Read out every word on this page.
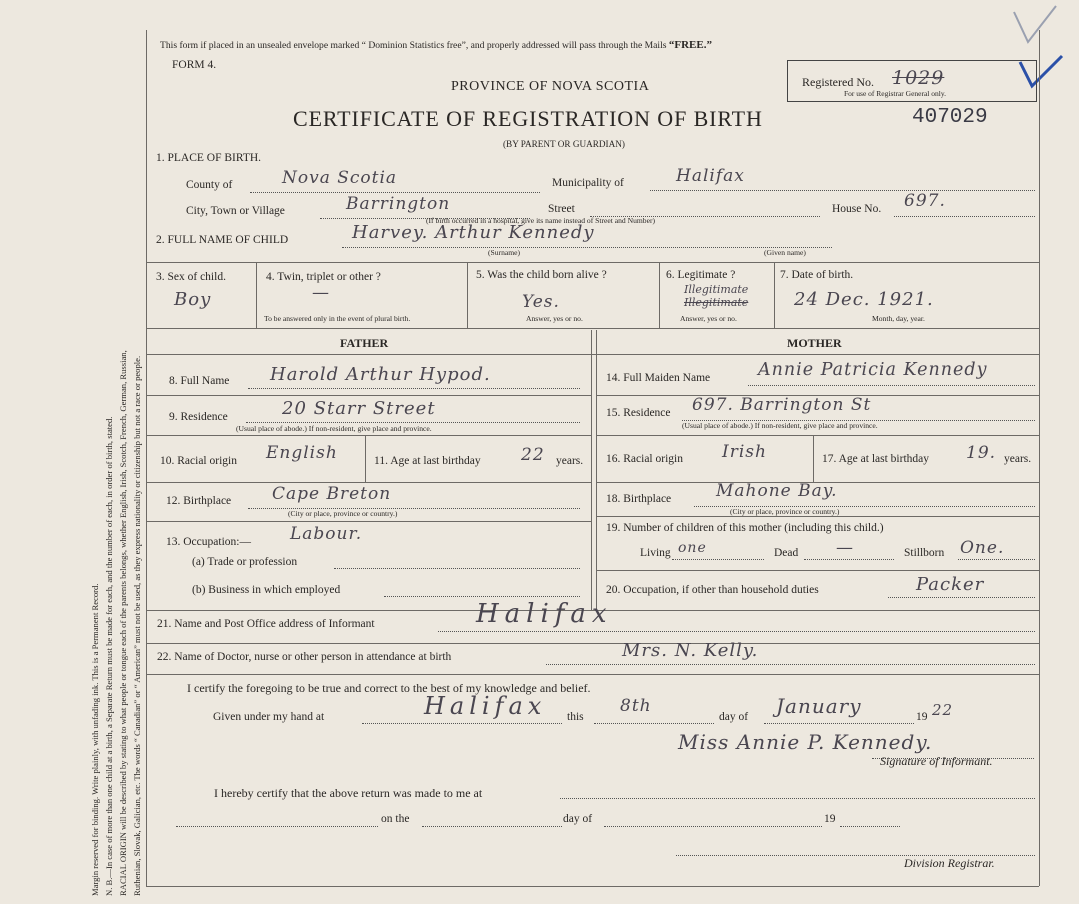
Margin reserved for binding. Write plainly, with unfading ink. This is a Permanent Record. N. B.—In case of more than one child at a birth, a Separate Return must be made for each, and the number of each, in order of birth, stated. RACIAL ORIGIN will be described by stating to what people or tongue each of the parents belongs, whether English, Irish, Scotch, French, German, Russian, Ruthenian, Slovak, Galician, etc. The words “ Canadian” or “ American” must not be used, as they express nationality or citizenship but not a race or people.
This form if placed in an unsealed envelope marked “ Dominion Statistics free”, and properly addressed will pass through the Mails “FREE.”
FORM 4.
PROVINCE OF NOVA SCOTIA
CERTIFICATE OF REGISTRATION OF BIRTH	407029
(BY PARENT OR GUARDIAN)
Registered No. 1029
For use of Registrar General only.
1. PLACE OF BIRTH.
County of	Nova Scotia	Municipality of	Halifax
City, Town or Village	Barrington	Street	House No. 697.
(If birth occurred in a hospital, give its name instead of Street and Number)
2. FULL NAME OF CHILD	Harvey. Arthur Kennedy
(Surname)	(Given name)
3. Sex of child.
Boy
4. Twin, triplet or other ?
—
To be answered only in the event of plural birth.
5. Was the child born alive ?
Yes.
Answer, yes or no.
6. Legitimate ?
Illegitimate
Illegitimate
Answer, yes or no.
7. Date of birth.
24 Dec. 1921.
Month, day, year.
FATHER	MOTHER
8. Full Name Harold Arthur Hypod.
9. Residence	20 Starr Street
(Usual place of abode.) If non-resident, give place and province.
10. Racial origin English	11. Age at last birthday 22 years.
12. Birthplace Cape Breton
(City or place, province or country.)
13. Occupation:— Labour.
(a) Trade or profession
(b) Business in which employed
14. Full Maiden Name	Annie Patricia Kennedy
15. Residence 697. Barrington St
(Usual place of abode.) If non-resident, give place and province.
16. Racial origin Irish	17. Age at last birthday 19. years.
18. Birthplace	Mahone Bay.
(City or place, province or country.)
19. Number of children of this mother (including this child.)
Living one	Dead —	Stillborn One.
20. Occupation, if other than household duties	Packer
21. Name and Post Office address of Informant	Halifax
22. Name of Doctor, nurse or other person in attendance at birth	Mrs. N. Kelly.
I certify the foregoing to be true and correct to the best of my knowledge and belief.
Given under my hand at	Halifax this
8th
day of January	19 22
Miss Annie P. Kennedy.
Signature of Informant.
I hereby certify that the above return was made to me at
on the	day of	19
Division Registrar.
